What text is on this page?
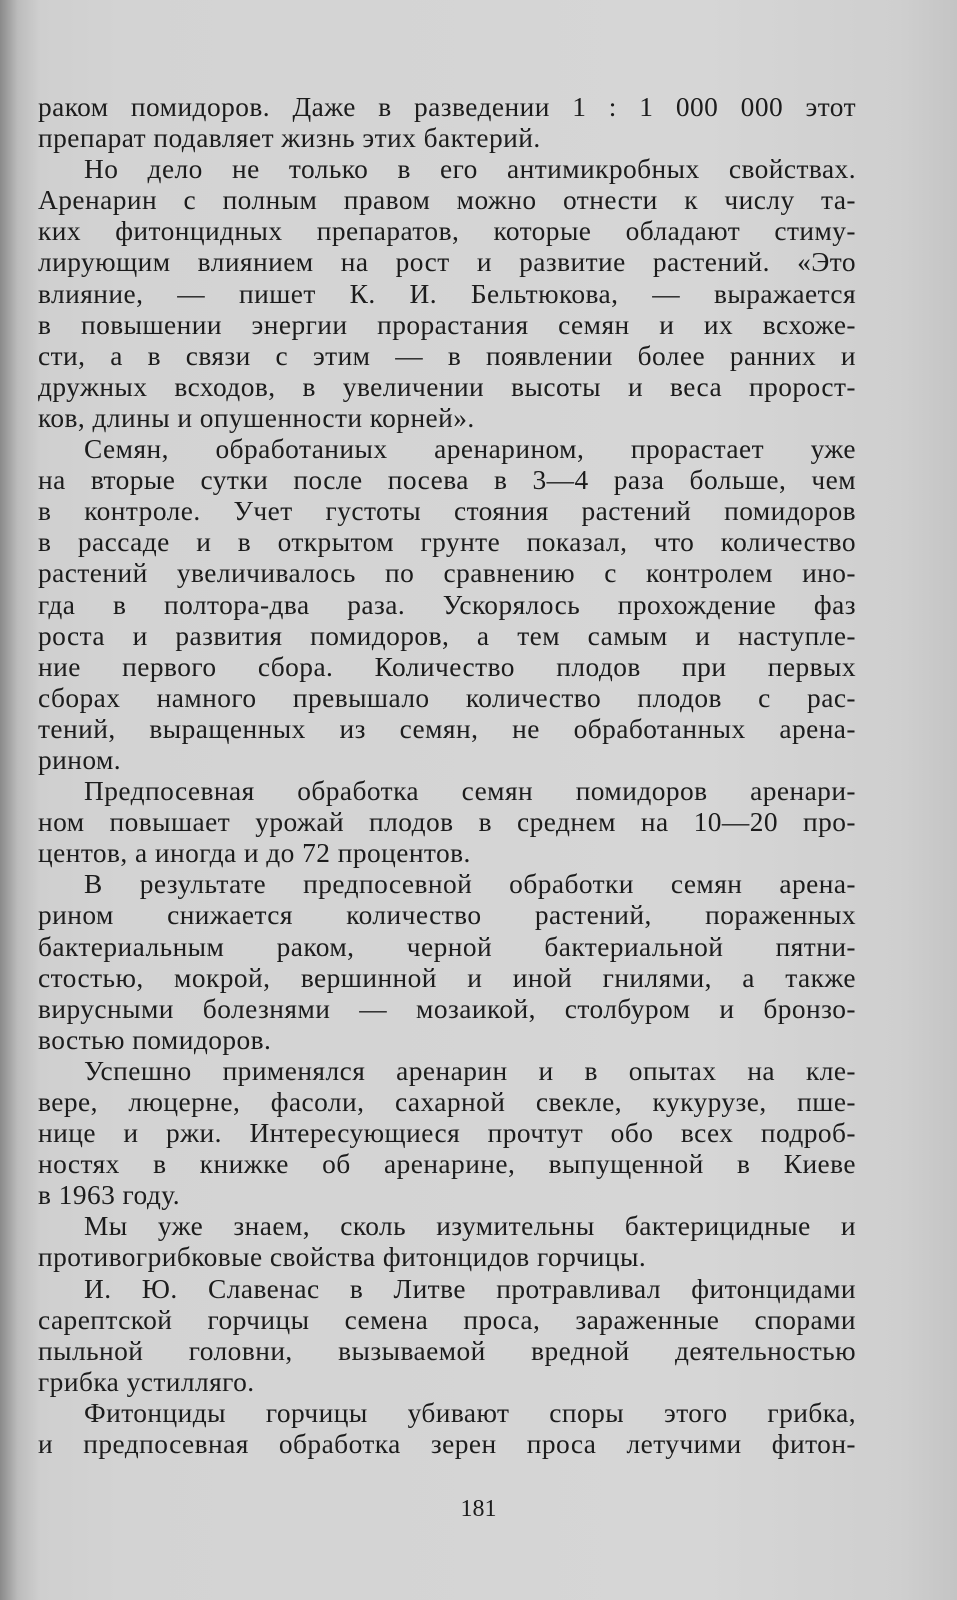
раком помидоров. Даже в разведении 1 : 1 000 000 этот
препарат подавляет жизнь этих бактерий.
Но дело не только в его антимикробных свойствах.
Аренарин с полным правом можно отнести к числу та-
ких фитонцидных препаратов, которые обладают стиму-
лирующим влиянием на рост и развитие растений. «Это
влияние, — пишет К. И. Бельтюкова, — выражается
в повышении энергии прорастания семян и их всхоже-
сти, а в связи с этим — в появлении более ранних и
дружных всходов, в увеличении высоты и веса пророст-
ков, длины и опушенности корней».
Семян, обработаниых аренарином, прорастает уже
на вторые сутки после посева в 3—4 раза больше, чем
в контроле. Учет густоты стояния растений помидоров
в рассаде и в открытом грунте показал, что количество
растений увеличивалось по сравнению с контролем ино-
гда в полтора-два раза. Ускорялось прохождение фаз
роста и развития помидоров, а тем самым и наступле-
ние первого сбора. Количество плодов при первых
сборах намного превышало количество плодов с рас-
тений, выращенных из семян, не обработанных арена-
рином.
Предпосевная обработка семян помидоров аренари-
ном повышает урожай плодов в среднем на 10—20 про-
центов, а иногда и до 72 процентов.
В результате предпосевной обработки семян арена-
рином снижается количество растений, пораженных
бактериальным раком, черной бактериальной пятни-
стостью, мокрой, вершинной и иной гнилями, а также
вирусными болезнями — мозаикой, столбуром и бронзо-
востью помидоров.
Успешно применялся аренарин и в опытах на кле-
вере, люцерне, фасоли, сахарной свекле, кукурузе, пше-
нице и ржи. Интересующиеся прочтут обо всех подроб-
ностях в книжке об аренарине, выпущенной в Киеве
в 1963 году.
Мы уже знаем, сколь изумительны бактерицидные и
противогрибковые свойства фитонцидов горчицы.
И. Ю. Славенас в Литве протравливал фитонцидами
сарептской горчицы семена проса, зараженные спорами
пыльной головни, вызываемой вредной деятельностью
грибка устилляго.
Фитонциды горчицы убивают споры этого грибка,
и предпосевная обработка зерен проса летучими фитон-
181
